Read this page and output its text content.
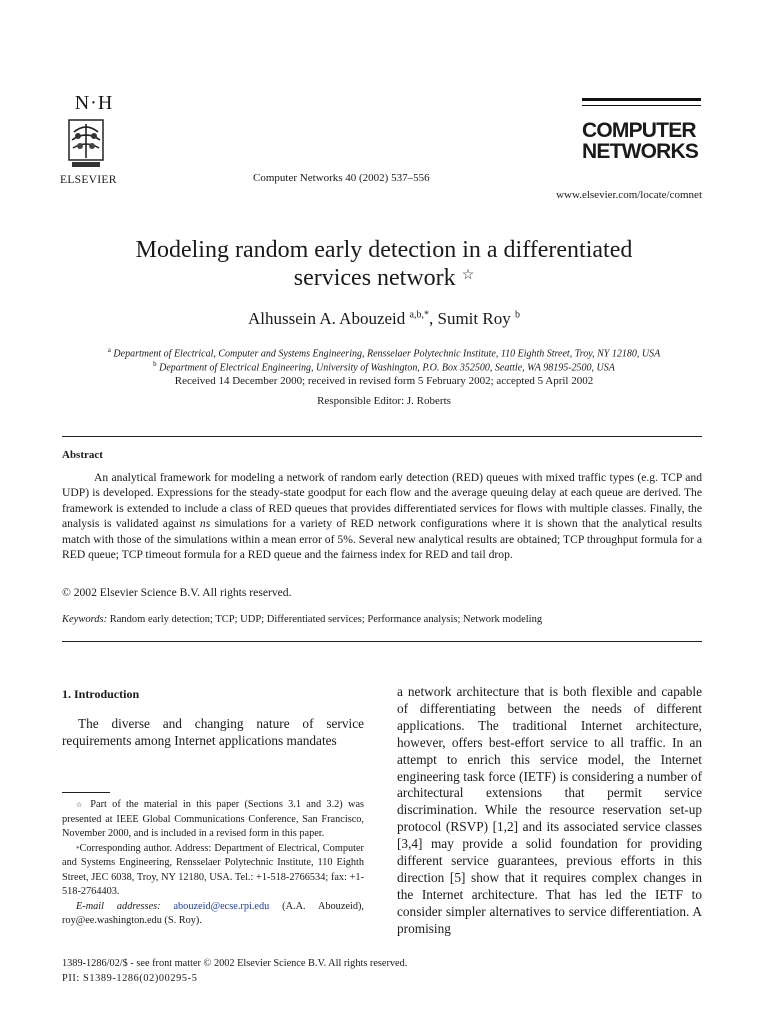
N·H
ELSEVIER	Computer Networks 40 (2002) 537–556
COMPUTER
NETWORKS
www.elsevier.com/locate/comnet
Modeling random early detection in a differentiated
services network ☆
Alhussein A. Abouzeid $^{a,b,*}$, Sumit Roy $^b$
$^a$ Department of Electrical, Computer and Systems Engineering, Rensselaer Polytechnic Institute, 110 Eighth Street, Troy, NY 12180, USA
$^b$ Department of Electrical Engineering, University of Washington, P.O. Box 352500, Seattle, WA 98195-2500, USA
Received 14 December 2000; received in revised form 5 February 2002; accepted 5 April 2002
Responsible Editor: J. Roberts
Abstract

An analytical framework for modeling a network of random early detection (RED) queues with mixed traffic types (e.g. TCP and UDP) is developed. Expressions for the steady-state goodput for each flow and the average queuing delay at each queue are derived. The framework is extended to include a class of RED queues that provides differentiated services for flows with multiple classes. Finally, the analysis is validated against ns simulations for a variety of RED network configurations where it is shown that the analytical results match with those of the simulations within a mean error of 5%. Several new analytical results are obtained; TCP throughput formula for a RED queue; TCP timeout formula for a RED queue and the fairness index for RED and tail drop.

© 2002 Elsevier Science B.V. All rights reserved.
Keywords: Random early detection; TCP; UDP; Differentiated services; Performance analysis; Network modeling
1. Introduction

The diverse and changing nature of service requirements among Internet applications mandates

a network architecture that is both flexible and capable of differentiating between the needs of different applications. The traditional Internet architecture, however, offers best-effort service to all traffic. In an attempt to enrich this service model, the Internet engineering task force (IETF) is considering a number of architectural extensions that permit service discrimination. While the resource reservation set-up protocol (RSVP) [1,2] and its associated service classes [3,4] may provide a solid foundation for providing different service guarantees, previous efforts in this direction [5] show that it requires complex changes in the Internet architecture. That has led the IETF to consider simpler alternatives to service differentiation. A promising

☆ Part of the material in this paper (Sections 3.1 and 3.2) was presented at IEEE Global Communications Conference, San Francisco, November 2000, and is included in a revised form in this paper.

*Corresponding author. Address: Department of Electrical, Computer and Systems Engineering, Rensselaer Polytechnic Institute, 110 Eighth Street, JEC 6038, Troy, NY 12180, USA. Tel.: +1-518-2766534; fax: +1-518-2764403.

E-mail addresses: abouzeid@ecse.rpi.edu (A.A. Abouzeid), roy@ee.washington.edu (S. Roy).

1389-1286/02/$ - see front matter © 2002 Elsevier Science B.V. All rights reserved.
PII: S1389-1286(02)00295-5
